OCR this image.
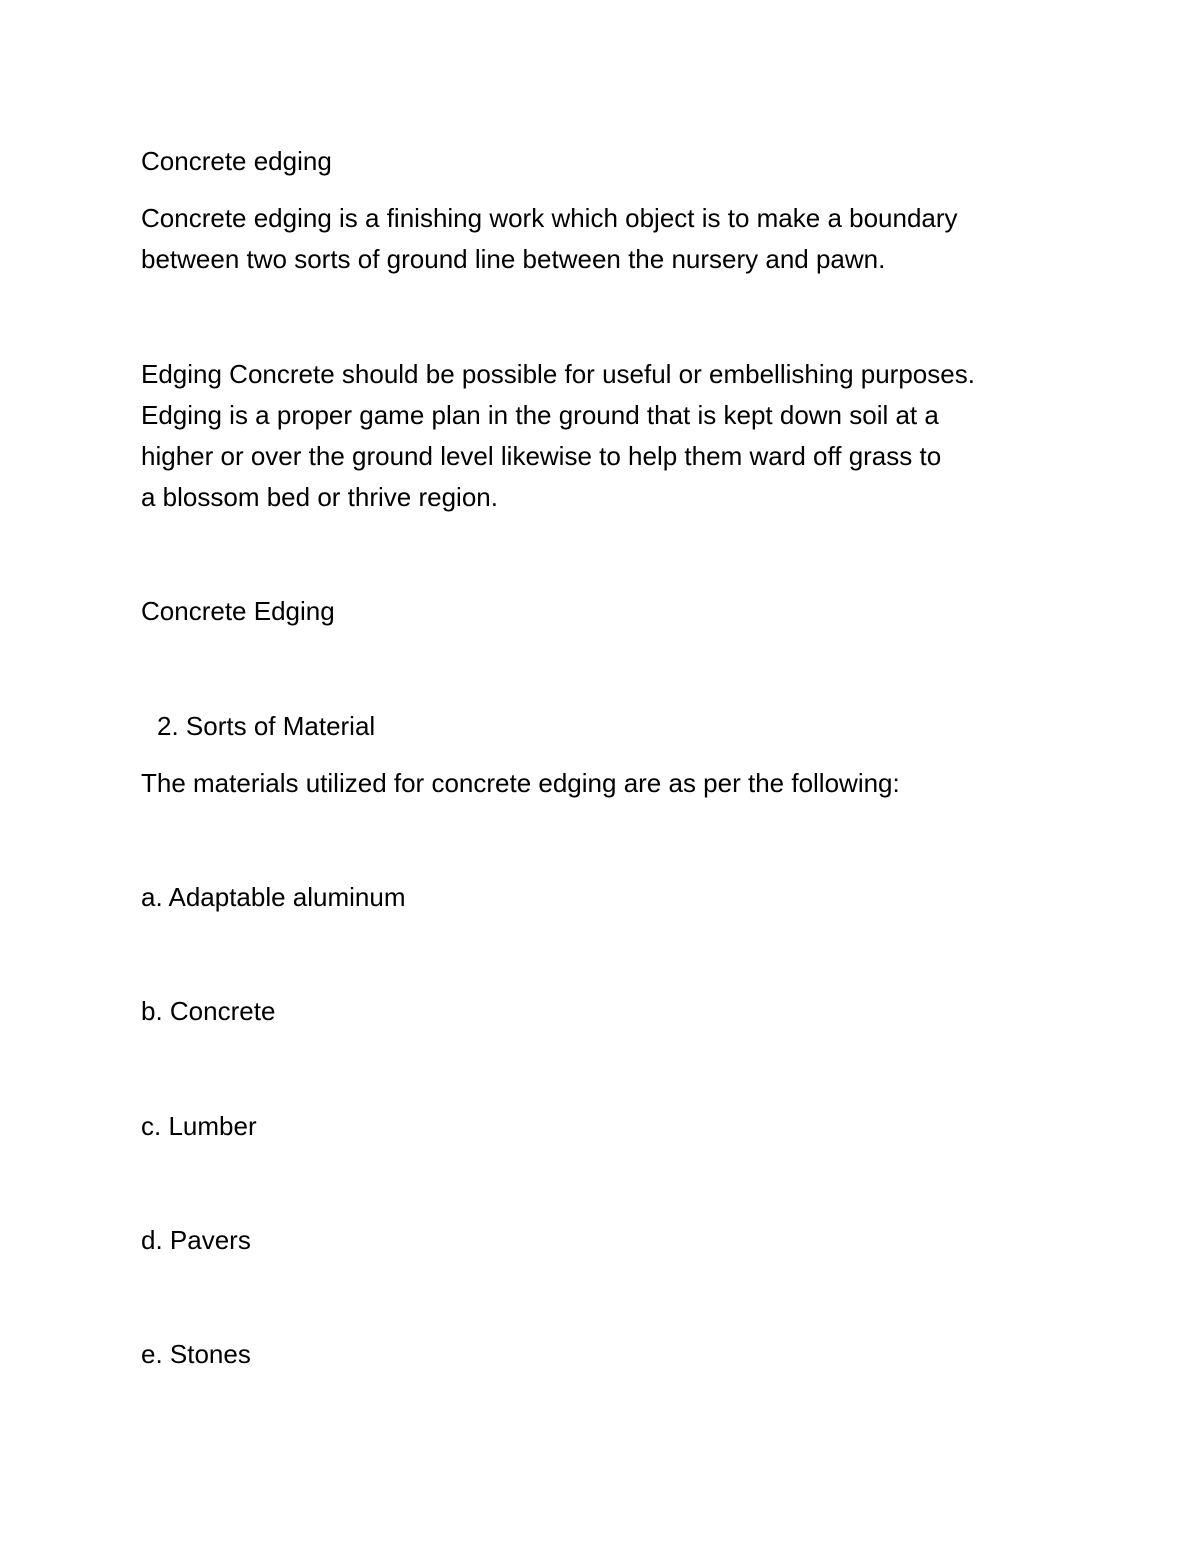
Concrete edging
Concrete edging is a finishing work which object is to make a boundary
between two sorts of ground line between the nursery and pawn.
Edging Concrete should be possible for useful or embellishing purposes.
Edging is a proper game plan in the ground that is kept down soil at a
higher or over the ground level likewise to help them ward off grass to
a blossom bed or thrive region.
Concrete Edging
2. Sorts of Material
The materials utilized for concrete edging are as per the following:
a. Adaptable aluminum
b. Concrete
c. Lumber
d. Pavers
e. Stones
